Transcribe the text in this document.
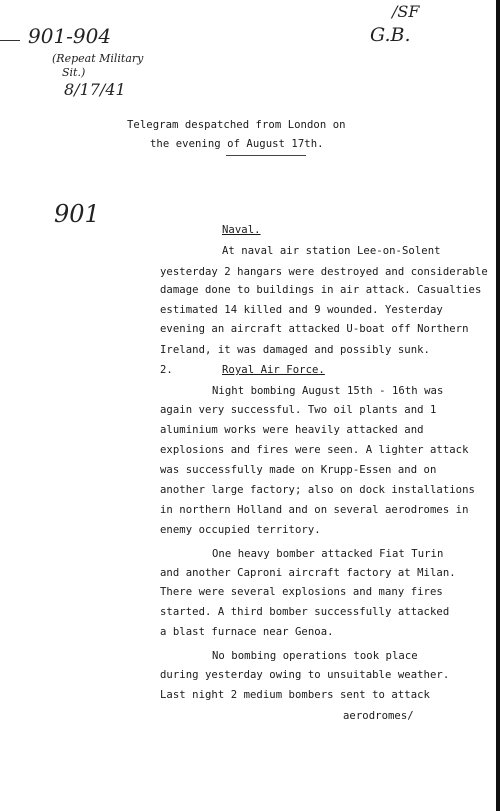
901-904
(Repeat Military
Sit.)
8/17/41
/SF
G.B.
901
Telegram despatched from London on
the evening of August 17th.
Naval.
At naval air station Lee-on-Solent
yesterday 2 hangars were destroyed and considerable
damage done to buildings in air attack. Casualties
estimated 14 killed and 9 wounded. Yesterday
evening an aircraft attacked U-boat off Northern
Ireland, it was damaged and possibly sunk.
2.	Royal Air Force.
Night bombing August 15th - 16th was
again very successful. Two oil plants and 1
aluminium works were heavily attacked and
explosions and fires were seen. A lighter attack
was successfully made on Krupp-Essen and on
another large factory; also on dock installations
in northern Holland and on several aerodromes in
enemy occupied territory.
One heavy bomber attacked Fiat Turin
and another Caproni aircraft factory at Milan.
There were several explosions and many fires
started. A third bomber successfully attacked
a blast furnace near Genoa.
No bombing operations took place
during yesterday owing to unsuitable weather.
Last night 2 medium bombers sent to attack
aerodromes/
